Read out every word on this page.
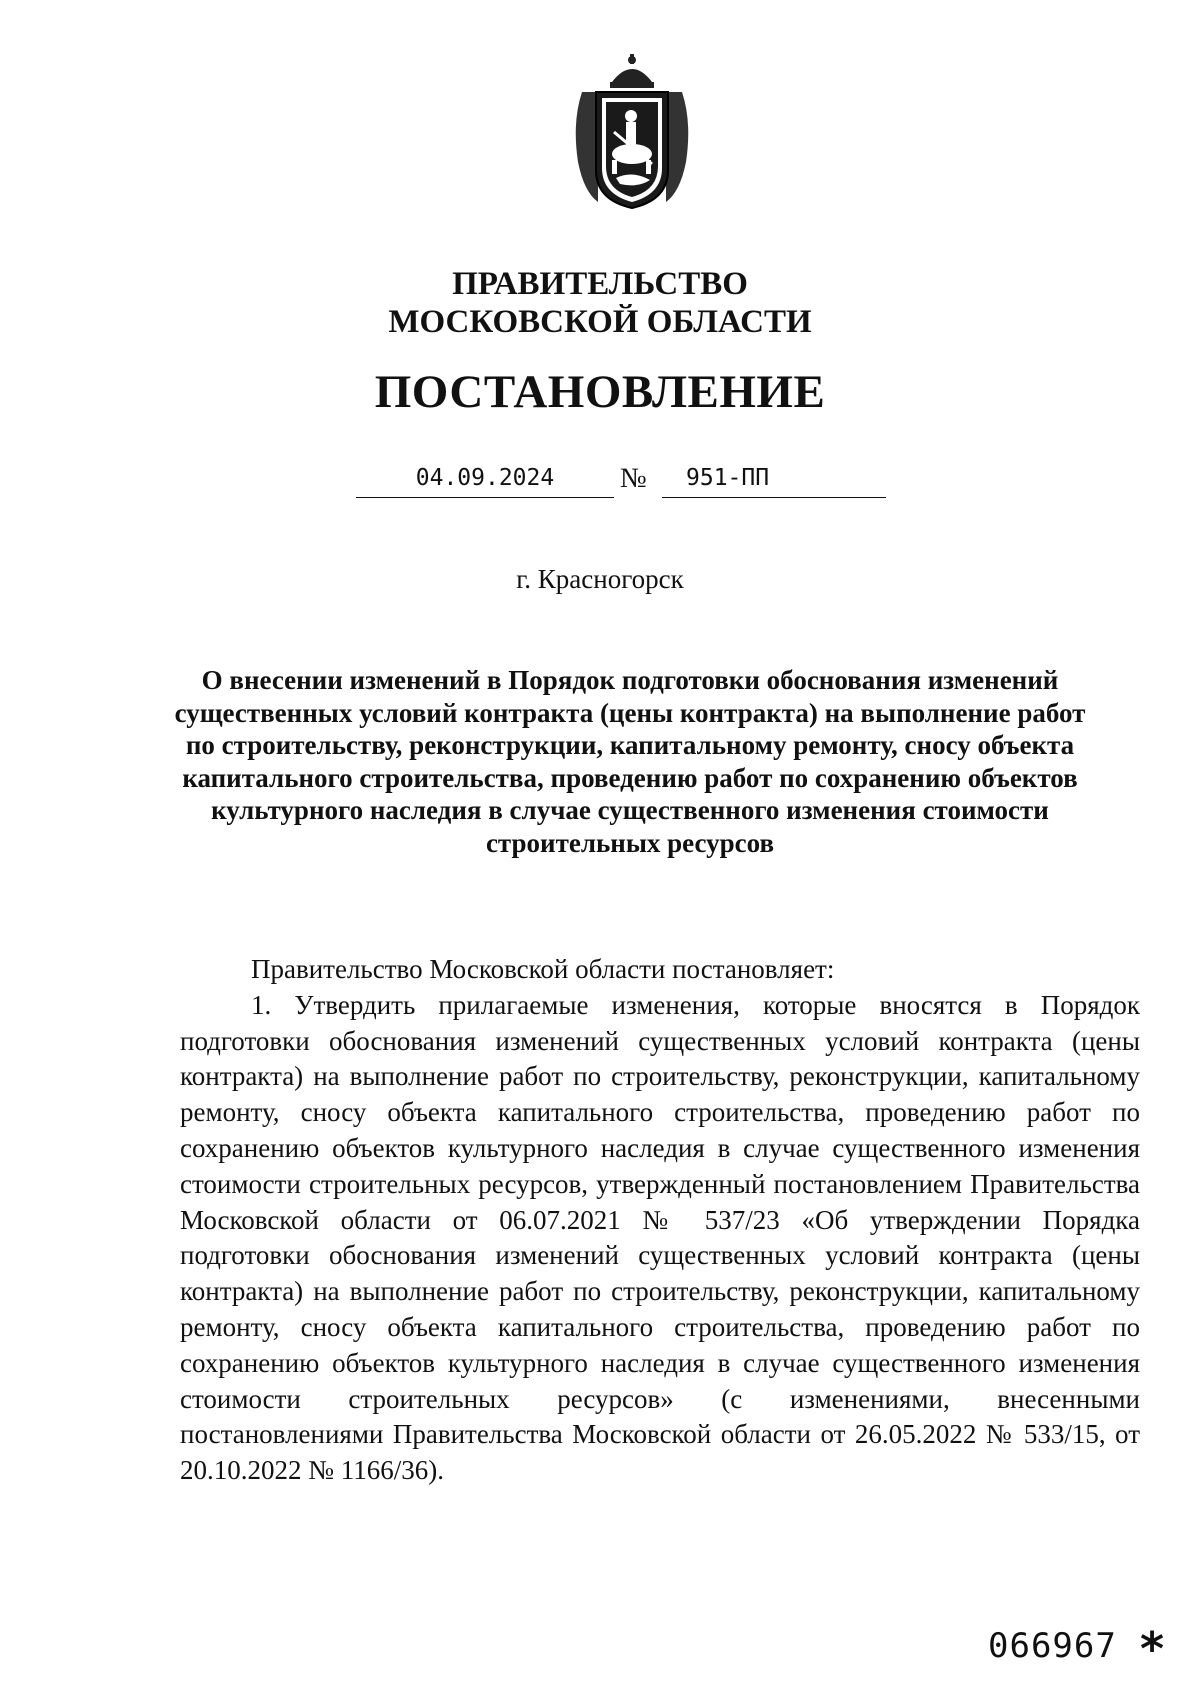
ПРАВИТЕЛЬСТВО
МОСКОВСКОЙ ОБЛАСТИ
ПОСТАНОВЛЕНИЕ
04.09.2024	№ 951-ПП
г. Красногорск
О внесении изменений в Порядок подготовки обоснования изменений существенных условий контракта (цены контракта) на выполнение работ по строительству, реконструкции, капитальному ремонту, сносу объекта капитального строительства, проведению работ по сохранению объектов культурного наследия в случае существенного изменения стоимости строительных ресурсов

Правительство Московской области постановляет:

1. Утвердить прилагаемые изменения, которые вносятся в Порядок подготовки обоснования изменений существенных условий контракта (цены контракта) на выполнение работ по строительству, реконструкции, капитальному ремонту, сносу объекта капитального строительства, проведению работ по сохранению объектов культурного наследия в случае существенного изменения стоимости строительных ресурсов, утвержденный постановлением Правительства Московской области от 06.07.2021 № 537/23 «Об утверждении Порядка подготовки обоснования изменений существенных условий контракта (цены контракта) на выполнение работ по строительству, реконструкции, капитальному ремонту, сносу объекта капитального строительства, проведению работ по сохранению объектов культурного наследия в случае существенного изменения стоимости строительных ресурсов» (с изменениями, внесенными постановлениями Правительства Московской области от 26.05.2022 № 533/15, от 20.10.2022 № 1166/36).

066967 *
